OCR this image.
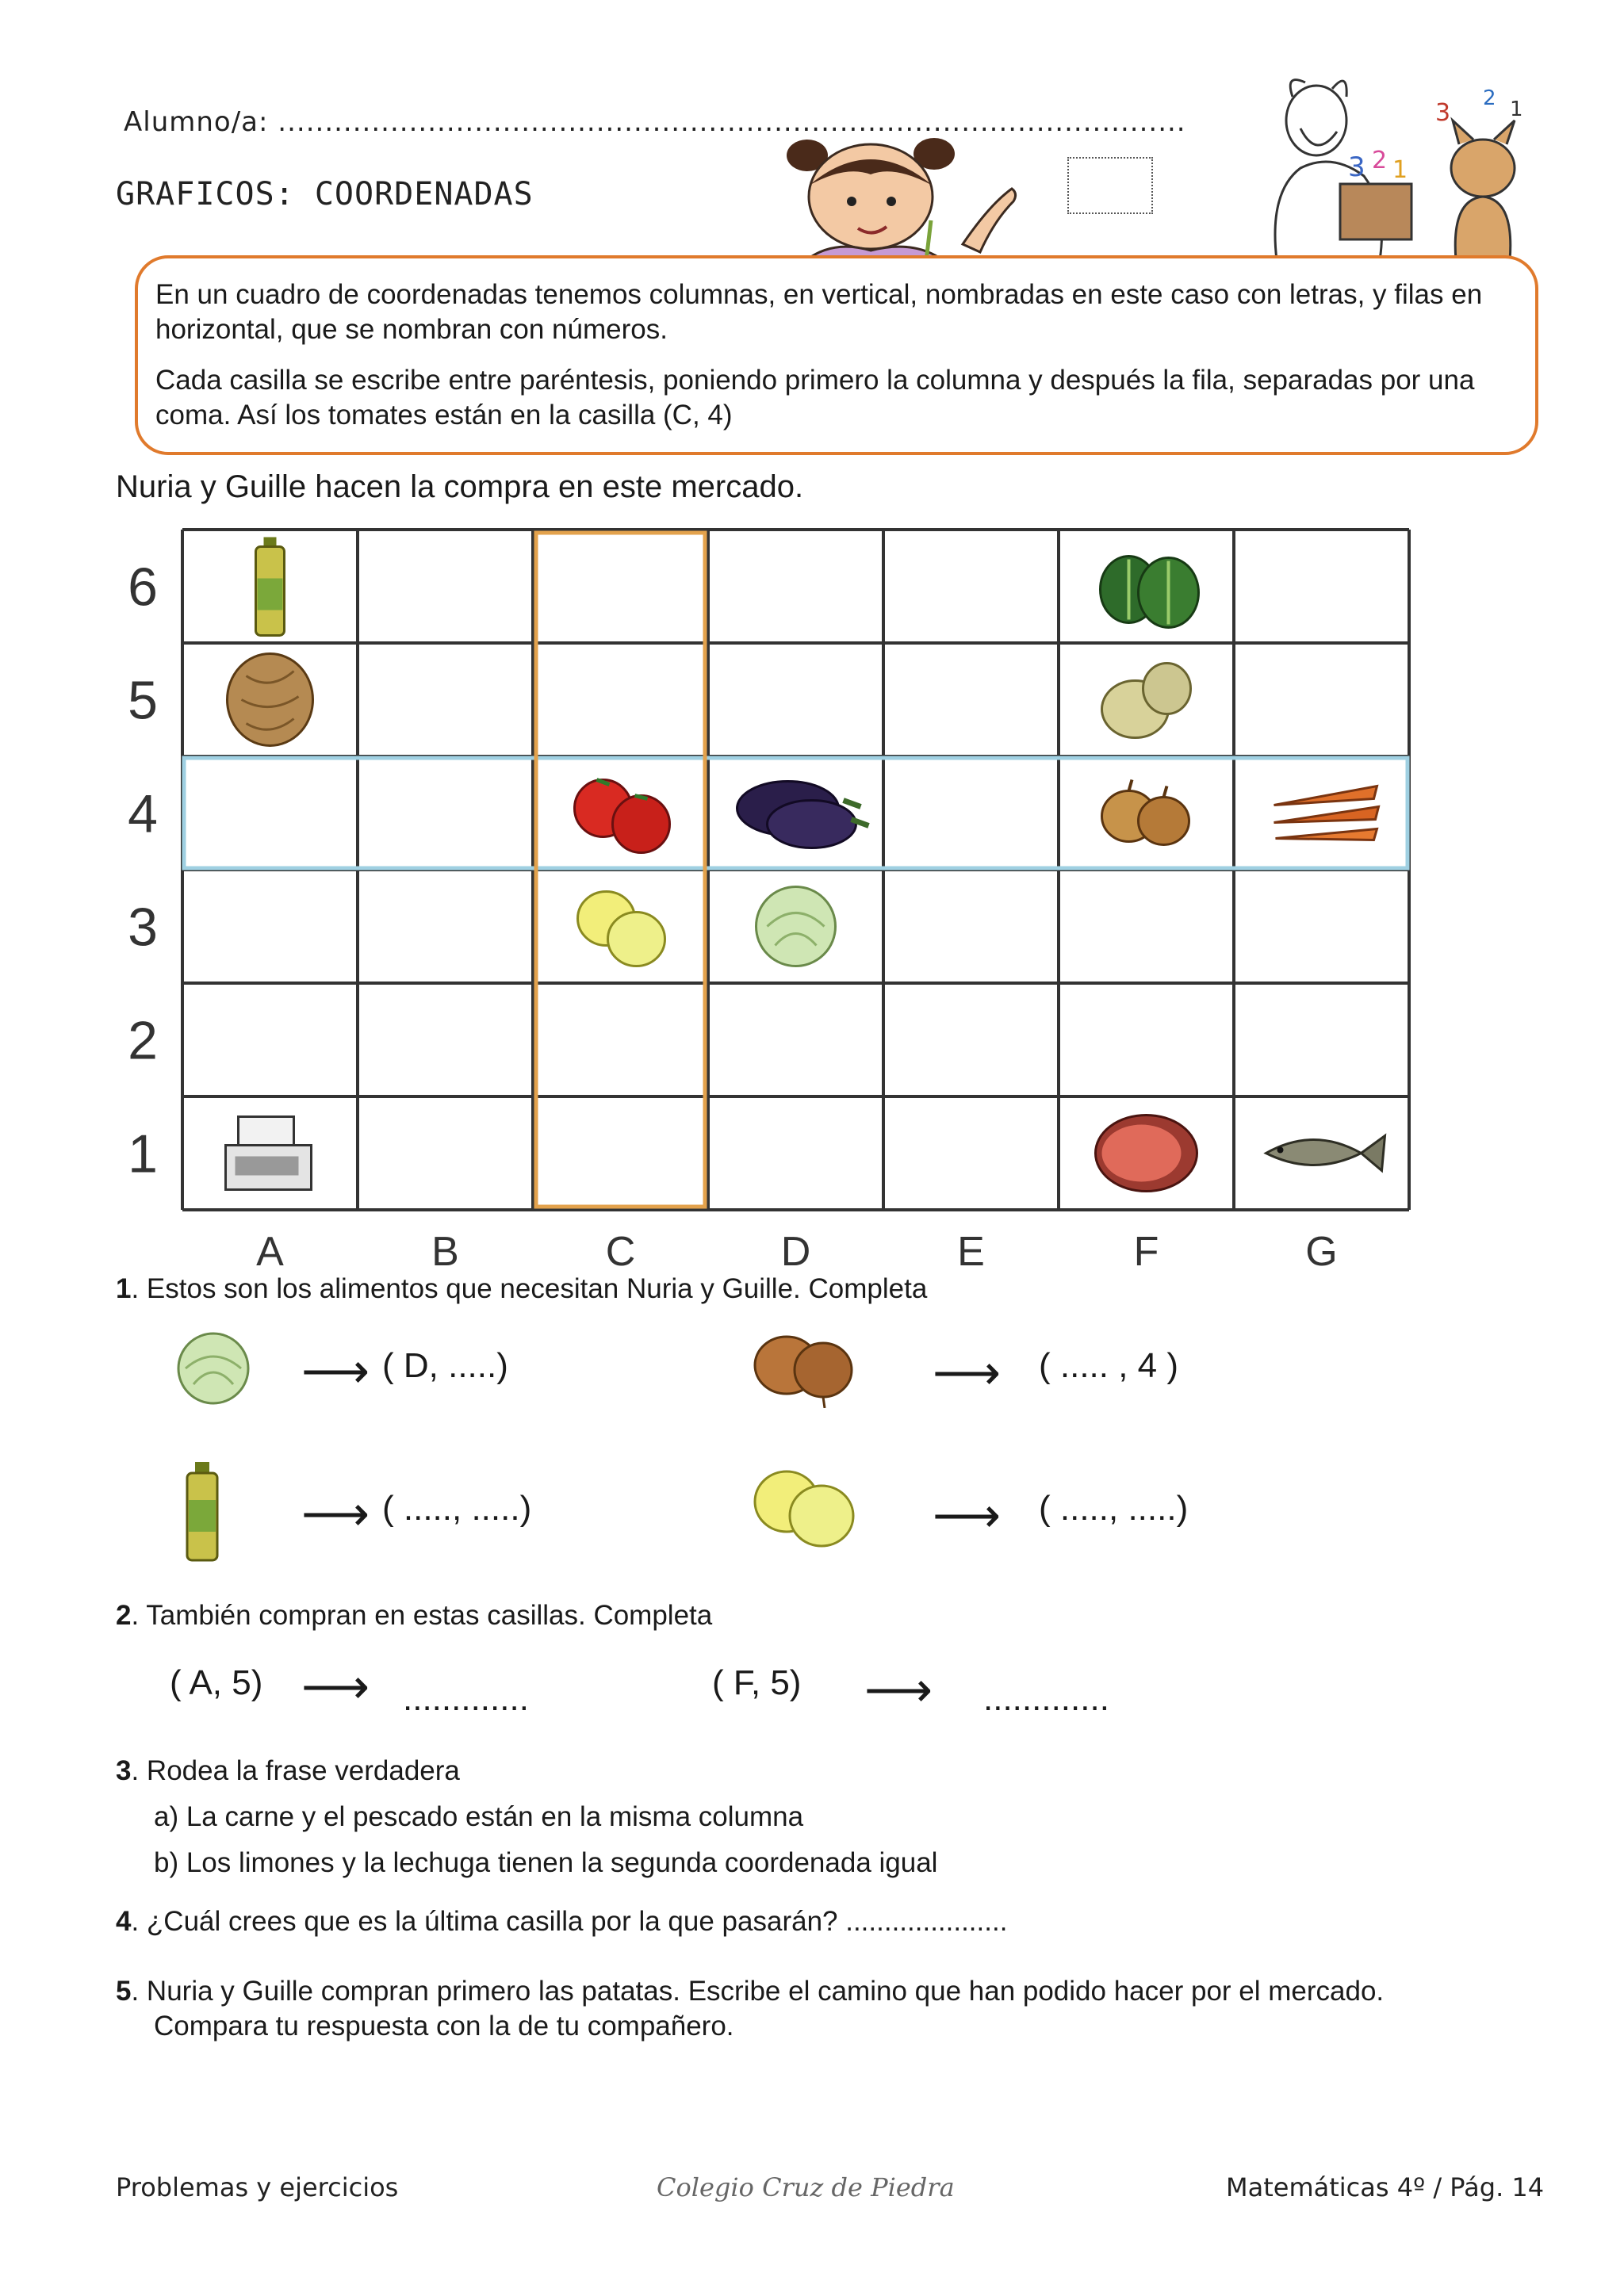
Alumno/a: .................................................................................................
GRAFICOS: COORDENADAS
3 2 1
3
2 1
En un cuadro de coordenadas tenemos columnas, en vertical, nombradas en este caso con letras, y filas en horizontal, que se nombran con números.
Cada casilla se escribe entre paréntesis, poniendo primero la columna y después la fila, separadas por una coma. Así los tomates están en la casilla (C, 4)
Nuria y Guille hacen la compra en este mercado.
6
5
4
3
2
1
A	B	C	D	E	F	G
1. Estos son los alimentos que necesitan Nuria y Guille. Completa
⟶ ( D, .....)	⟶ ( ..... , 4 )
⟶ ( ....., .....)	⟶ ( ....., .....)
2. También compran en estas casillas. Completa
( A, 5) ⟶ .............	( F, 5) ⟶ .............
3. Rodea la frase verdadera
a) La carne y el pescado están en la misma columna
b) Los limones y la lechuga tienen la segunda coordenada igual
4. ¿Cuál crees que es la última casilla por la que pasarán? .....................
5. Nuria y Guille compran primero las patatas. Escribe el camino que han podido hacer por el mercado.
Compara tu respuesta con la de tu compañero.
Problemas y ejercicios	Colegio Cruz de Piedra	Matemáticas 4º / Pág. 14
